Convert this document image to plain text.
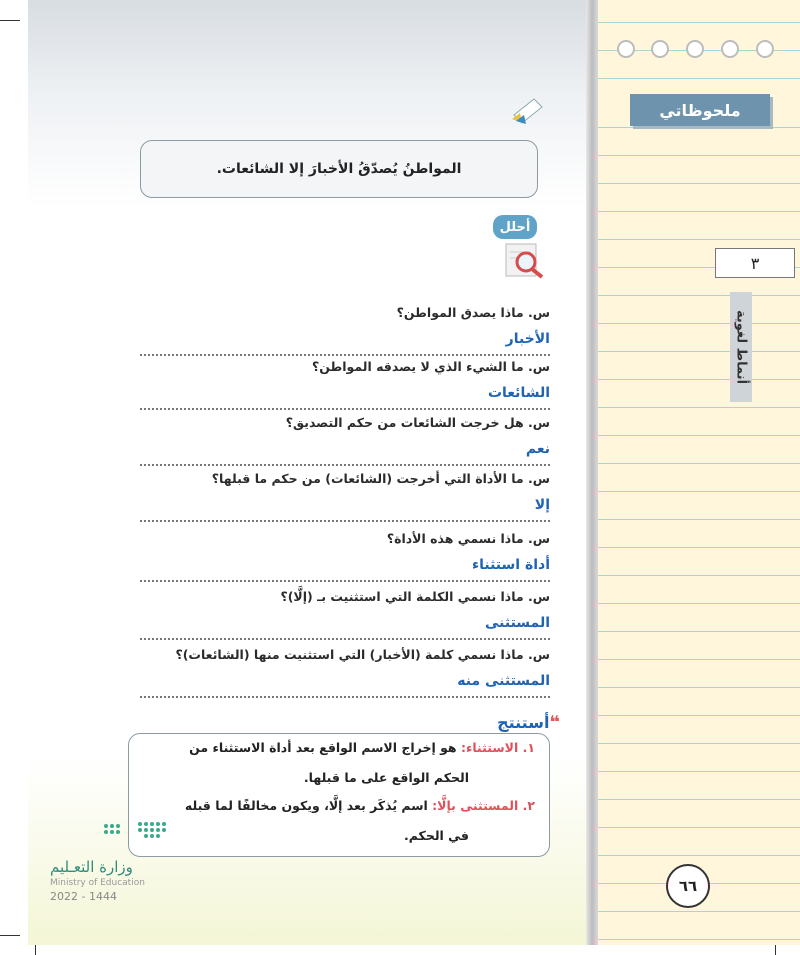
ملحوظاتي
٣
أنماط لغوية
٦٦
المواطنُ يُصدّقُ الأخبارَ إلا الشائعات.
أحلل
س. ماذا يصدق المواطن؟
الأخبار
س. ما الشيء الذي لا يصدقه المواطن؟
الشائعات
س. هل خرجت الشائعات من حكم التصديق؟
نعم
س. ما الأداة التي أخرجت (الشائعات) من حكم ما قبلها؟
إلا
س. ماذا نسمي هذه الأداة؟
أداة استثناء
س. ماذا نسمي الكلمة التي استثنيت بـ (إلَّا)؟
المستثنى
س. ماذا نسمي كلمة (الأخبار) التي استثنيت منها (الشائعات)؟
المستثنى منه
❝أستنتج
١. الاستثناء: هو إخراج الاسم الواقع بعد أداة الاستثناء من
الحكم الواقع على ما قبلها.
٢. المستثنى بإلَّا: اسم يُذكَر بعد إلَّا، ويكون مخالفًا لما قبله
في الحكم.
وزارة التعـليم
Ministry of Education
2022 - 1444
